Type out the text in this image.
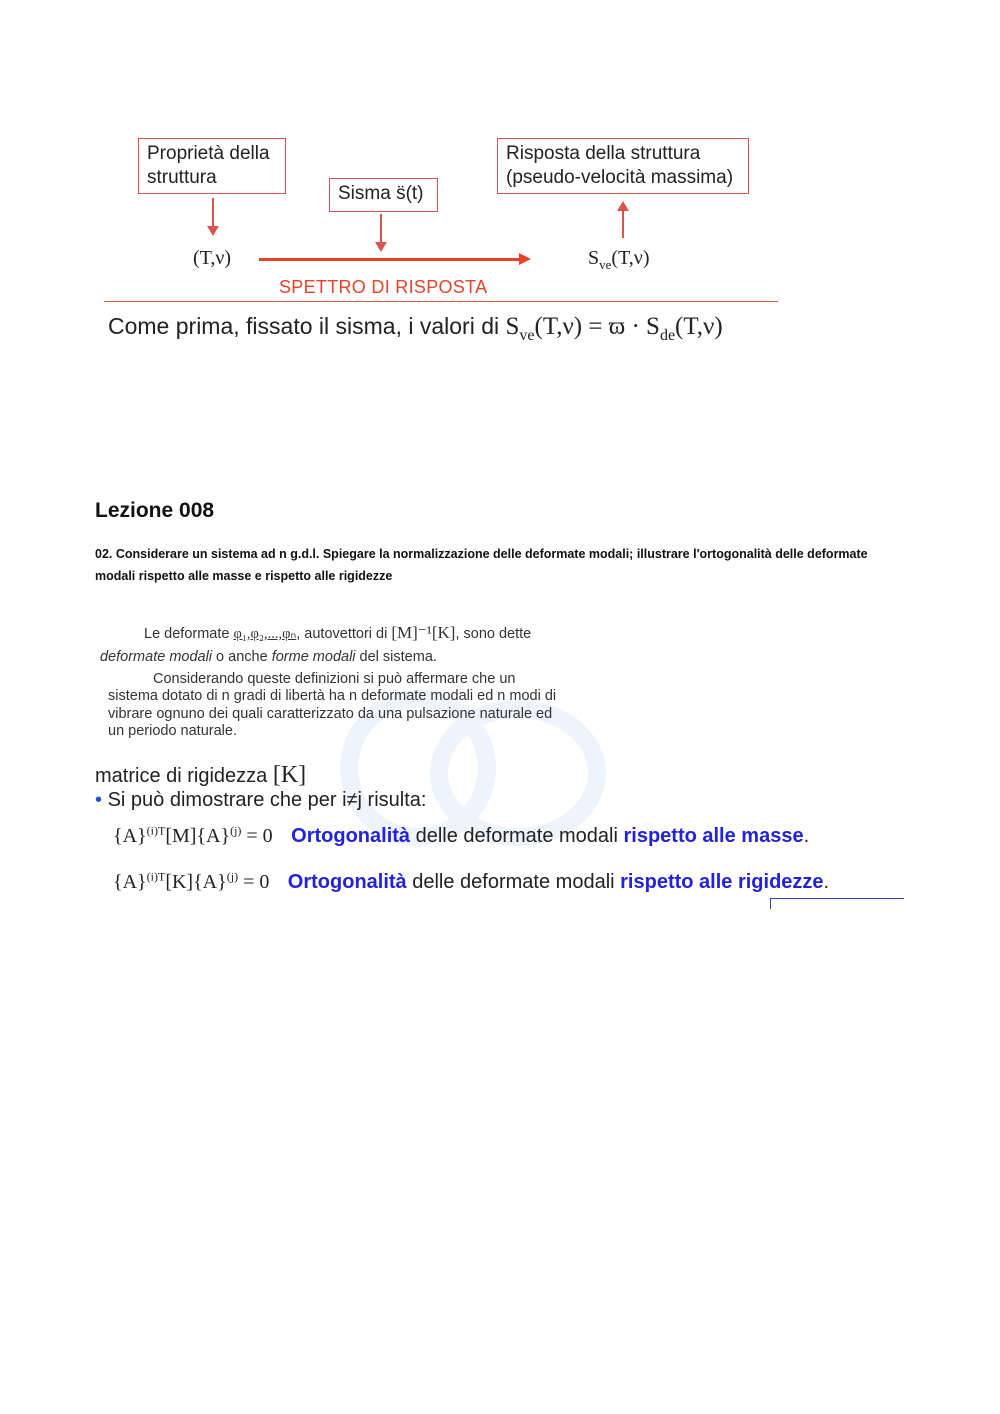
Proprietà della
struttura
Sisma s̈(t)
Risposta della struttura
(pseudo-velocità massima)
(T,ν)	$S_{ve}(T,\nu)$
SPETTRO DI RISPOSTA
Come prima, fissato il sisma, i valori di $S_{ve}(T,\nu) = ϖ \cdot S_{de}(T,\nu)$
Lezione 008
02. Considerare un sistema ad n g.d.l. Spiegare la normalizzazione delle deformate modali; illustrare l'ortogonalità delle deformate modali rispetto alle masse e rispetto alle rigidezze
Le deformate φ₁,φ₂,...,φₙ, autovettori di [M]⁻¹[K], sono dette
deformate modali o anche forme modali del sistema.
Considerando queste definizioni si può affermare che un
sistema dotato di n gradi di libertà ha n deformate modali ed n modi di
vibrare ognuno dei quali caratterizzato da una pulsazione naturale ed
un periodo naturale.
matrice di rigidezza [K]
• Si può dimostrare che per i≠j risulta:
$\{A\}^{(i)T}[M]\{A\}^{(j)} = 0$ Ortogonalità delle deformate modali rispetto alle masse.
$\{A\}^{(i)T}[K]\{A\}^{(j)} = 0$ Ortogonalità delle deformate modali rispetto alle rigidezze.
